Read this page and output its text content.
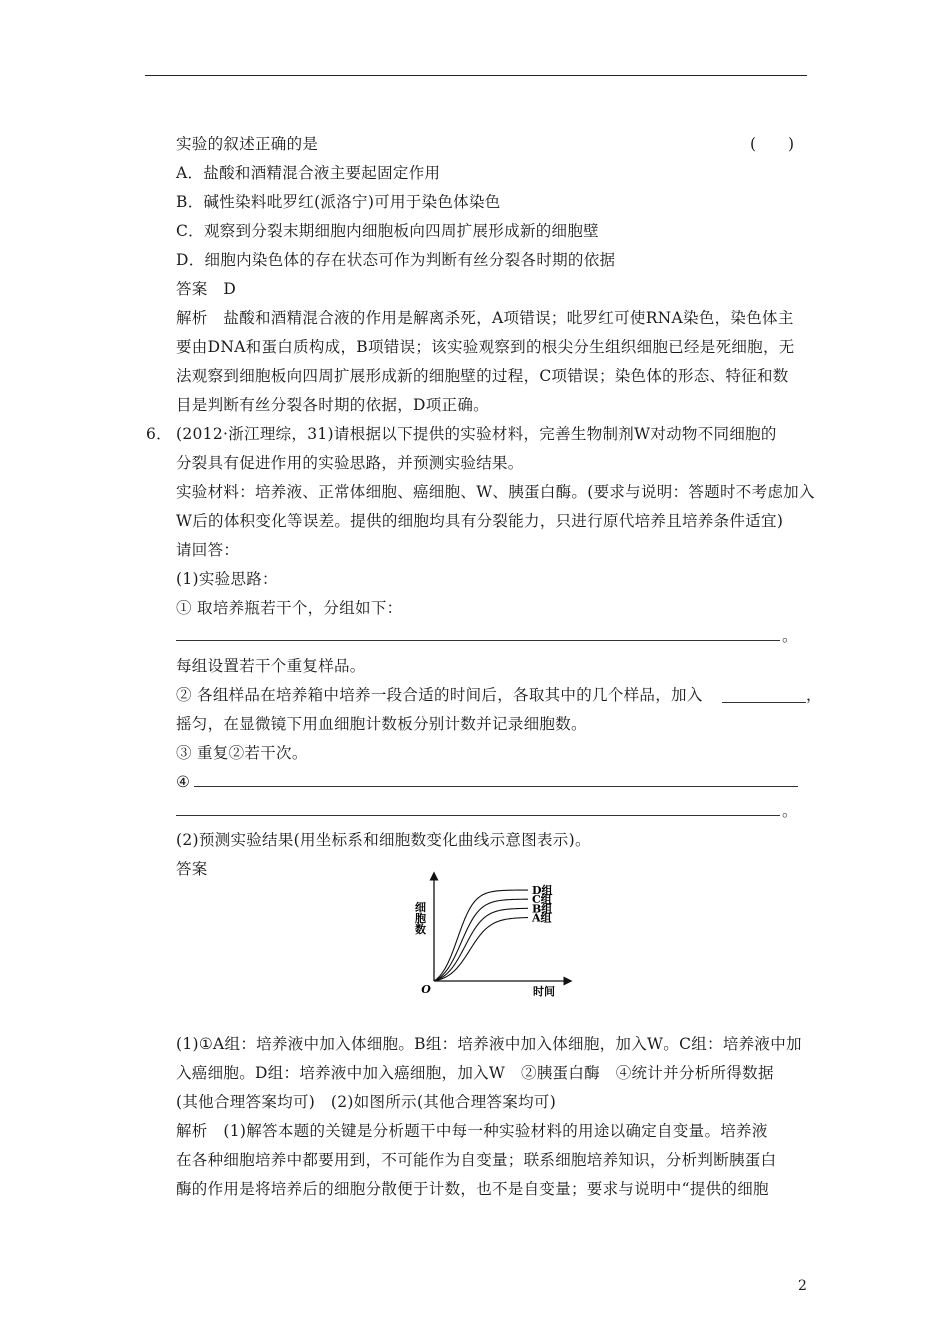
实验的叙述正确的是	(　　)
A．盐酸和酒精混合液主要起固定作用
B．碱性染料吡罗红(派洛宁)可用于染色体染色
C．观察到分裂末期细胞内细胞板向四周扩展形成新的细胞壁
D．细胞内染色体的存在状态可作为判断有丝分裂各时期的依据
答案　D
解析　盐酸和酒精混合液的作用是解离杀死，A项错误；吡罗红可使RNA染色，染色体主
要由DNA和蛋白质构成，B项错误；该实验观察到的根尖分生组织细胞已经是死细胞，无
法观察到细胞板向四周扩展形成新的细胞壁的过程，C项错误；染色体的形态、特征和数
目是判断有丝分裂各时期的依据，D项正确。
6． (2012·浙江理综，31)请根据以下提供的实验材料，完善生物制剂W对动物不同细胞的
分裂具有促进作用的实验思路，并预测实验结果。
实验材料：培养液、正常体细胞、癌细胞、W、胰蛋白酶。(要求与说明：答题时不考虑加入
W后的体积变化等误差。提供的细胞均具有分裂能力，只进行原代培养且培养条件适宜)
请回答：
(1)实验思路：
① 取培养瓶若干个，分组如下：
。
每组设置若干个重复样品。
② 各组样品在培养箱中培养一段合适的时间后，各取其中的几个样品，加入	，
摇匀，在显微镜下用血细胞计数板分别计数并记录细胞数。
③ 重复②若干次。
④
。
(2)预测实验结果(用坐标系和细胞数变化曲线示意图表示)。
答案
细胞数
时间
O
D组
C组
B组
A组
(1)①A组：培养液中加入体细胞。B组：培养液中加入体细胞，加入W。C组：培养液中加
入癌细胞。D组：培养液中加入癌细胞，加入W　②胰蛋白酶　④统计并分析所得数据
(其他合理答案均可)　(2)如图所示(其他合理答案均可)
解析　(1)解答本题的关键是分析题干中每一种实验材料的用途以确定自变量。培养液
在各种细胞培养中都要用到，不可能作为自变量；联系细胞培养知识，分析判断胰蛋白
酶的作用是将培养后的细胞分散便于计数，也不是自变量；要求与说明中“提供的细胞
2
